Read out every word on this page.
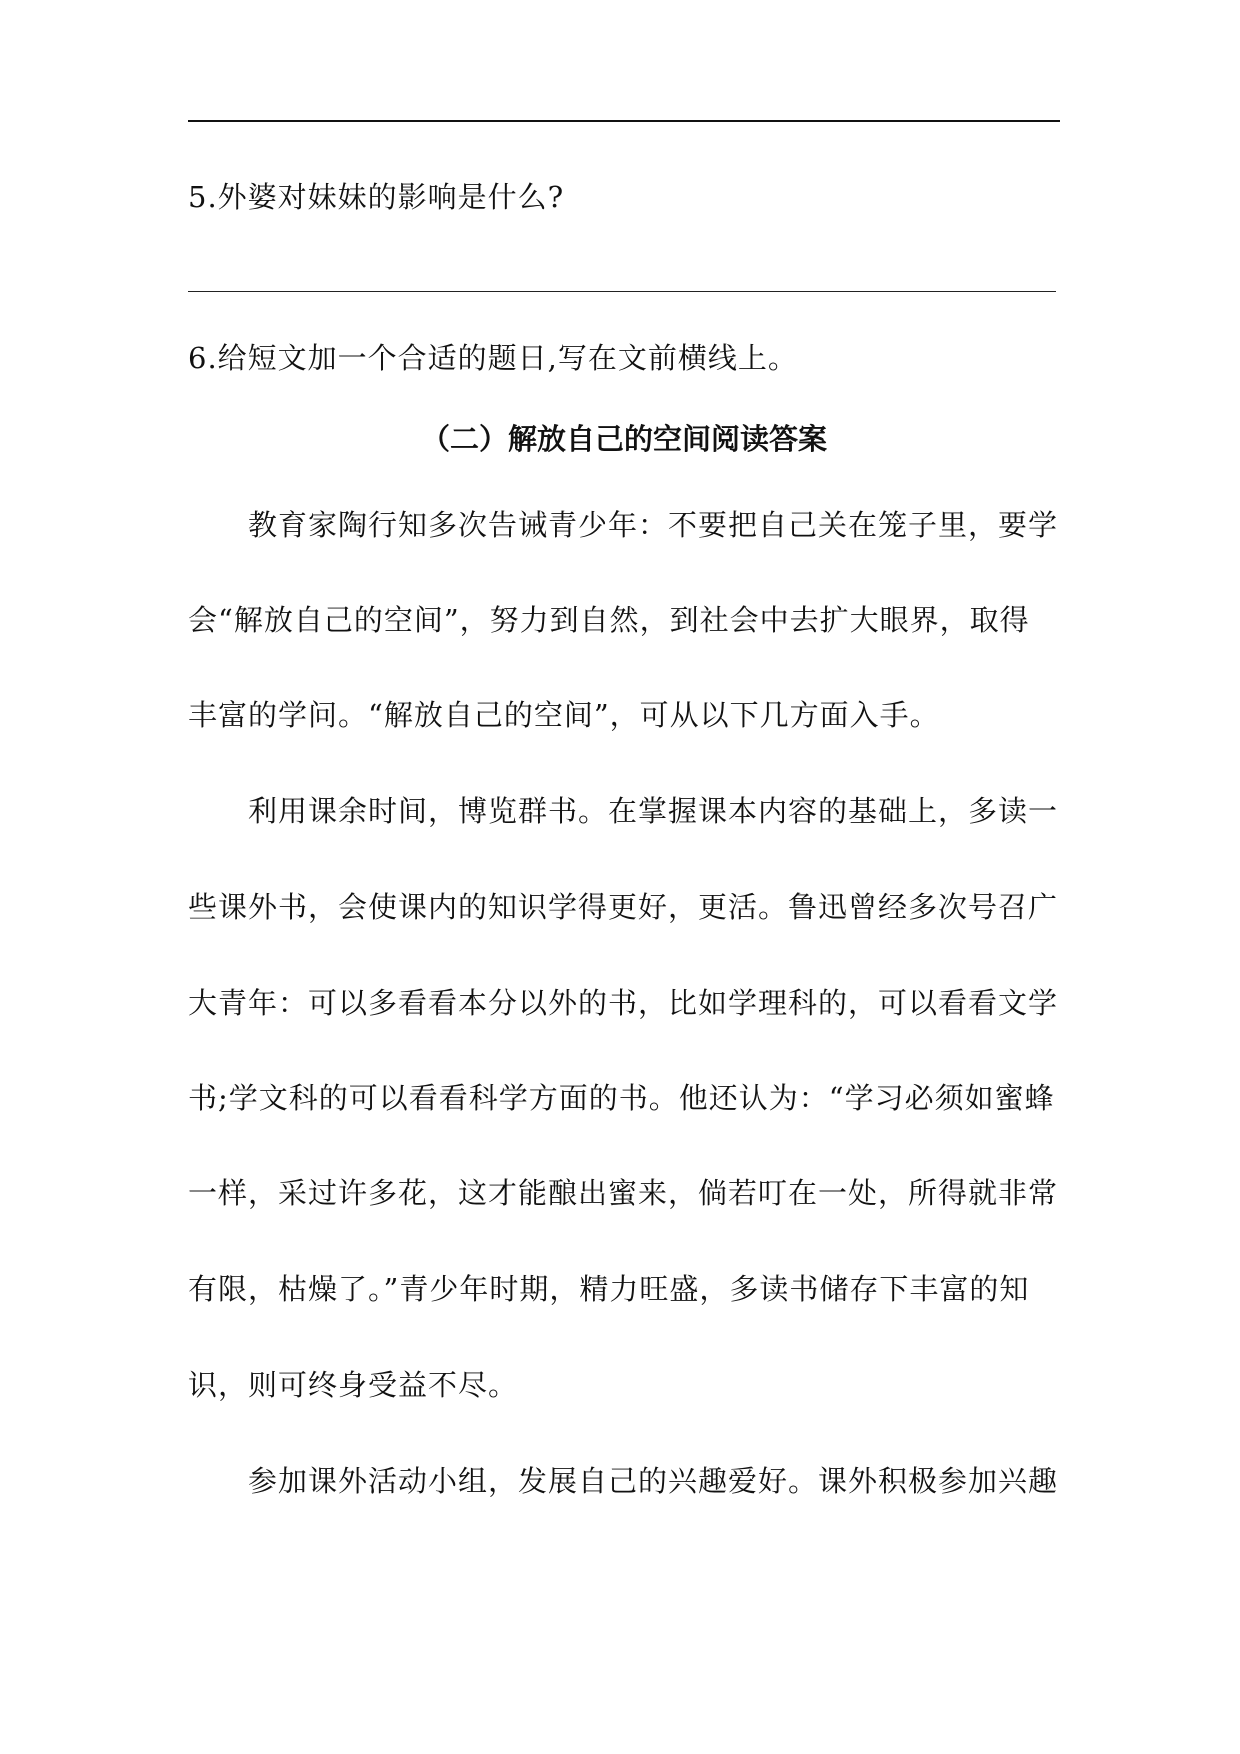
5.外婆对妹妹的影响是什么?
6.给短文加一个合适的题日,写在文前横线上。
（二）解放自己的空间阅读答案
　　教育家陶行知多次告诫青少年：不要把自己关在笼子里，要学
会“解放自己的空间”，努力到自然，到社会中去扩大眼界，取得
丰富的学问。“解放自己的空间”，可从以下几方面入手。
　　利用课余时间，博览群书。在掌握课本内容的基础上，多读一
些课外书，会使课内的知识学得更好，更活。鲁迅曾经多次号召广
大青年：可以多看看本分以外的书，比如学理科的，可以看看文学
书;学文科的可以看看科学方面的书。他还认为：“学习必须如蜜蜂
一样，采过许多花，这才能酿出蜜来，倘若叮在一处，所得就非常
有限，枯燥了。”青少年时期，精力旺盛，多读书储存下丰富的知
识，则可终身受益不尽。
　　参加课外活动小组，发展自己的兴趣爱好。课外积极参加兴趣
